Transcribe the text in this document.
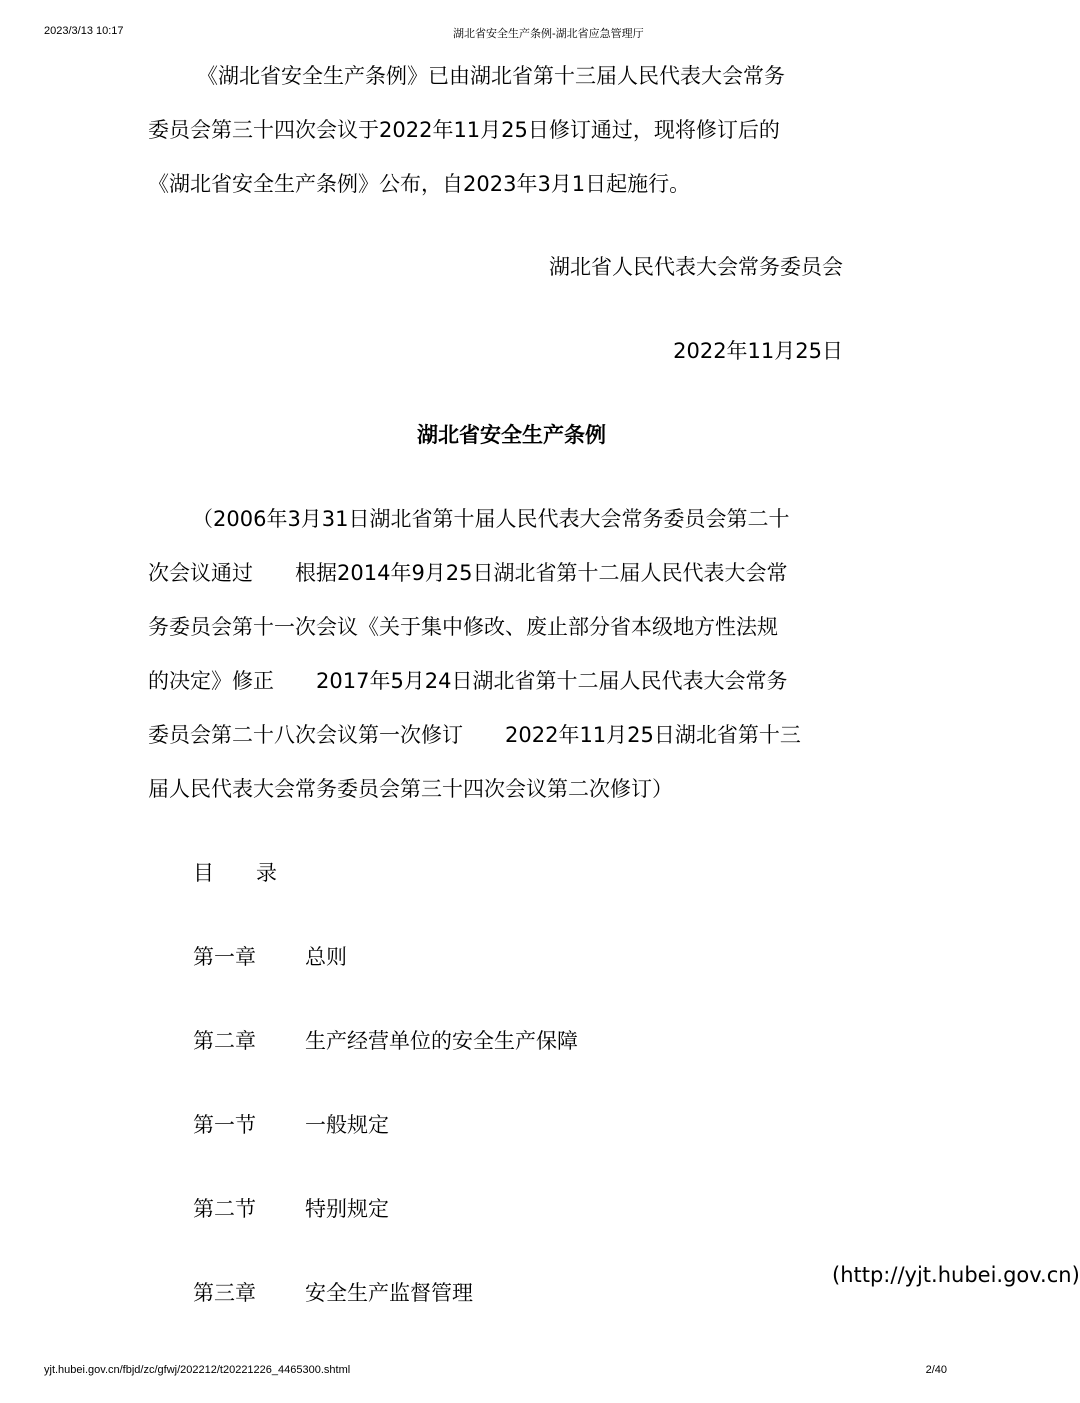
2023/3/13 10:17	湖北省安全生产条例-湖北省应急管理厅
《湖北省安全生产条例》已由湖北省第十三届人民代表大会常务
委员会第三十四次会议于2022年11月25日修订通过，现将修订后的
《湖北省安全生产条例》公布，自2023年3月1日起施行。
湖北省人民代表大会常务委员会
2022年11月25日
湖北省安全生产条例
（2006年3月31日湖北省第十届人民代表大会常务委员会第二十
次会议通过　　根据2014年9月25日湖北省第十二届人民代表大会常
务委员会第十一次会议《关于集中修改、废止部分省本级地方性法规
的决定》修正　　2017年5月24日湖北省第十二届人民代表大会常务
委员会第二十八次会议第一次修订　　2022年11月25日湖北省第十三
届人民代表大会常务委员会第三十四次会议第二次修订）
目　　录
第一章 总则
第二章 生产经营单位的安全生产保障
第一节 一般规定
第二节 特别规定
第三章 安全生产监督管理
(http://yjt.hubei.gov.cn)
yjt.hubei.gov.cn/fbjd/zc/gfwj/202212/t20221226_4465300.shtml	2/40
